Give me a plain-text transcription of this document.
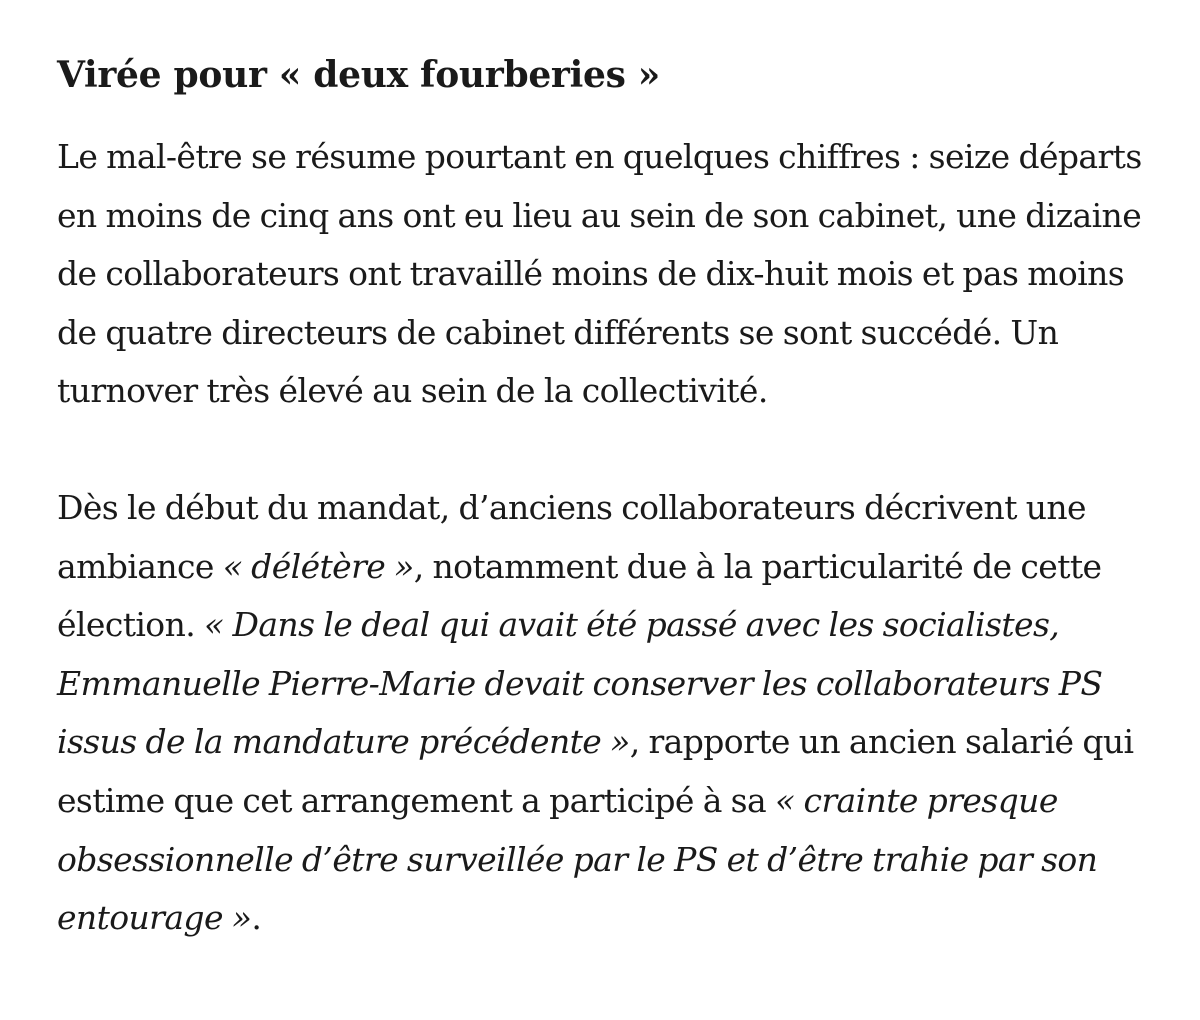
Virée pour « deux fourberies »

Le mal-être se résume pourtant en quelques chiffres : seize départs en moins de cinq ans ont eu lieu au sein de son cabinet, une dizaine de collaborateurs ont travaillé moins de dix-huit mois et pas moins de quatre directeurs de cabinet différents se sont succédé. Un turnover très élevé au sein de la collectivité.

Dès le début du mandat, d’anciens collaborateurs décrivent une ambiance « délétère », notamment due à la particularité de cette élection. « Dans le deal qui avait été passé avec les socialistes, Emmanuelle Pierre-Marie devait conserver les collaborateurs PS issus de la mandature précédente », rapporte un ancien salarié qui estime que cet arrangement a participé à sa « crainte presque obsessionnelle d’être surveillée par le PS et d’être trahie par son entourage ».
